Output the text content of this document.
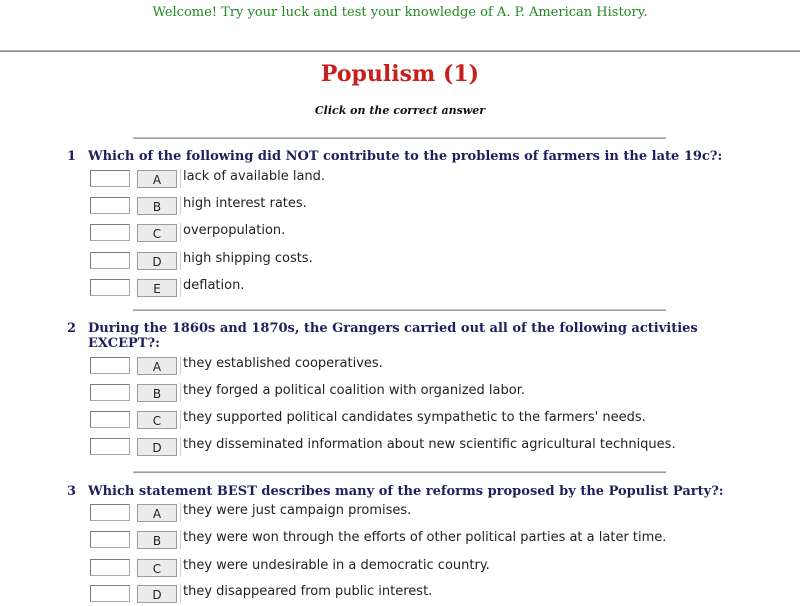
Welcome! Try your luck and test your knowledge of A. P. American History.
Populism (1)
Click on the correct answer
1 Which of the following did NOT contribute to the problems of farmers in the late 19c?:
A	lack of available land.
B	high interest rates.
C	overpopulation.
D	high shipping costs.
E	deflation.
2 During the 1860s and 1870s, the Grangers carried out all of the following activities EXCEPT?:
A	they established cooperatives.
B	they forged a political coalition with organized labor.
C	they supported political candidates sympathetic to the farmers' needs.
D	they disseminated information about new scientific agricultural techniques.
3 Which statement BEST describes many of the reforms proposed by the Populist Party?:
A	they were just campaign promises.
B	they were won through the efforts of other political parties at a later time.
C	they were undesirable in a democratic country.
D	they disappeared from public interest.
